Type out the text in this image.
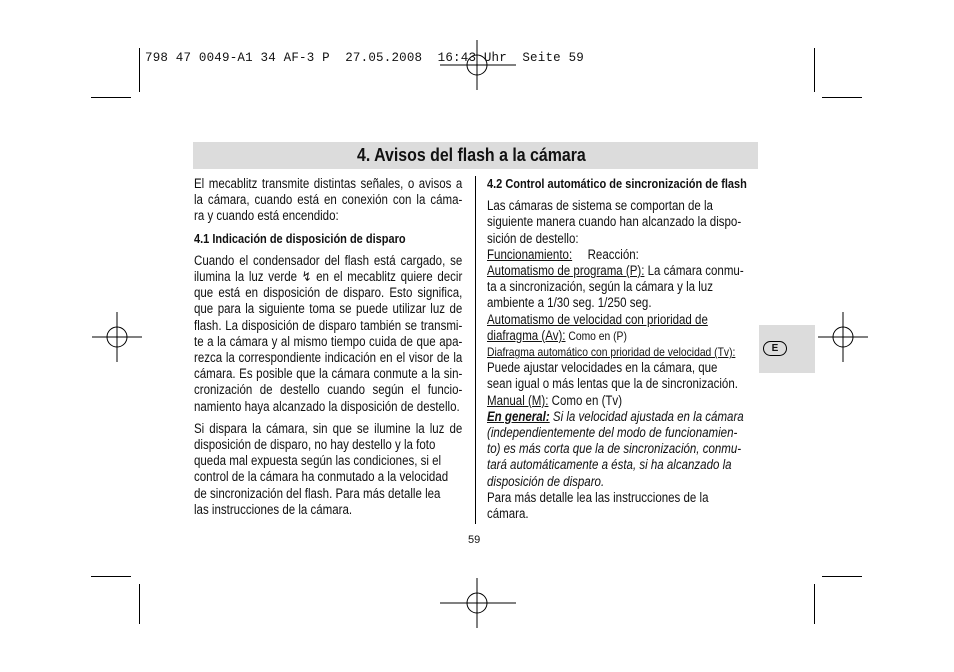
798 47 0049-A1 34 AF-3 P  27.05.2008  16:43 Uhr  Seite 59
4. Avisos del flash a la cámara

El mecablitz transmite distintas señales, o avisos a

la cámara, cuando está en conexión con la cáma-

ra y cuando está encendido:

4.1 Indicación de disposición de disparo

Cuando el condensador del flash está cargado, se

ilumina la luz verde ↯ en el mecablitz quiere decir

que está en disposición de disparo. Esto significa,

que para la siguiente toma se puede utilizar luz de

flash. La disposición de disparo también se transmi-

te a la cámara y al mismo tiempo cuida de que apa-

rezca la correspondiente indicación en el visor de la

cámara. Es posible que la cámara conmute a la sin-

cronización de destello cuando según el funcio-

namiento haya alcanzado la disposición de destello.

Si dispara la cámara, sin que se ilumine la luz de

disposición de disparo, no hay destello y la foto

queda mal expuesta según las condiciones, si el

control de la cámara ha conmutado a la velocidad

de sincronización del flash. Para más detalle lea

las instrucciones de la cámara.

4.2 Control automático de sincronización de flash

Las cámaras de sistema se comportan de la

siguiente manera cuando han alcanzado la dispo-

sición de destello:

Funcionamiento: Reacción:

Automatismo de programa (P): La cámara conmu-

ta a sincronización, según la cámara y la luz

ambiente a 1/30 seg. 1/250 seg.

Automatismo de velocidad con prioridad de

diafragma (Av): Como en (P)

Diafragma automático con prioridad de velocidad (Tv):

Puede ajustar velocidades en la cámara, que

sean igual o más lentas que la de sincronización.

Manual (M): Como en (Tv)

En general: Si la velocidad ajustada en la cámara

(independientemente del modo de funcionamien-

to) es más corta que la de sincronización, conmu-

tará automáticamente a ésta, si ha alcanzado la

disposición de disparo.

Para más detalle lea las instrucciones de la

cámara.

59
E
